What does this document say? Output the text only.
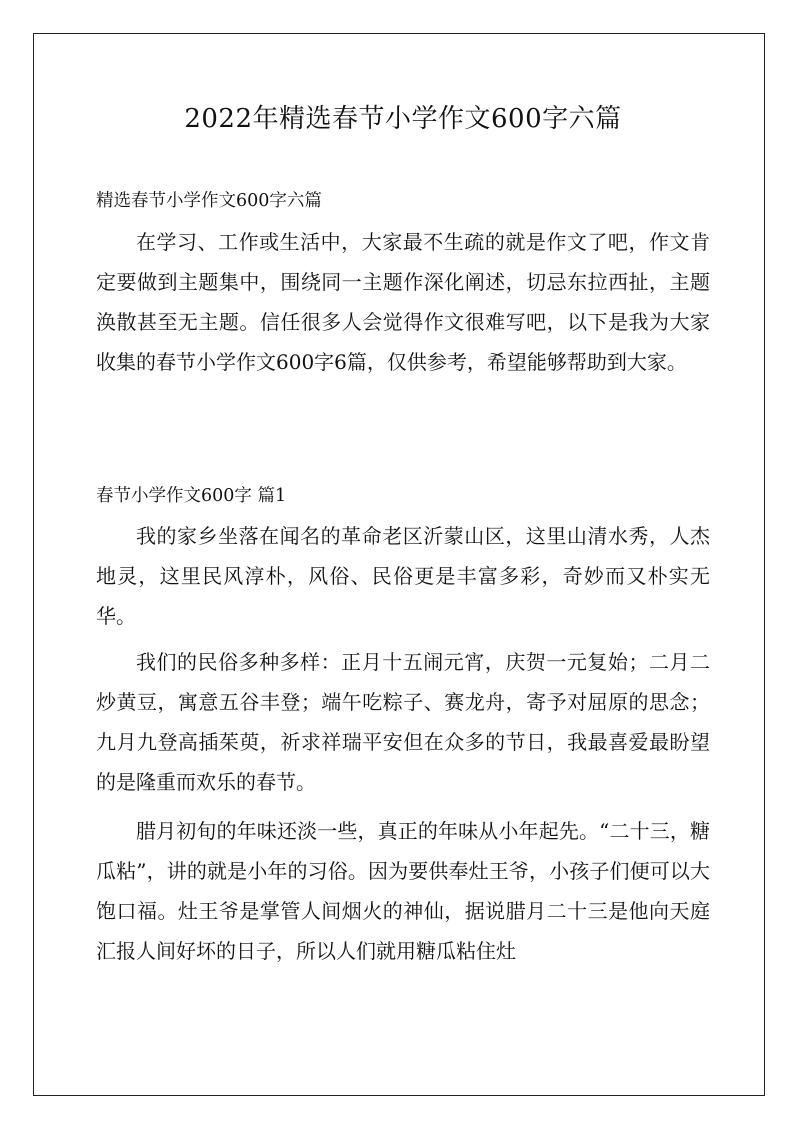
2022年精选春节小学作文600字六篇

精选春节小学作文600字六篇

在学习、工作或生活中，大家最不生疏的就是作文了吧，作文肯定要做到主题集中，围绕同一主题作深化阐述，切忌东拉西扯，主题涣散甚至无主题。信任很多人会觉得作文很难写吧，以下是我为大家收集的春节小学作文600字6篇，仅供参考，希望能够帮助到大家。

春节小学作文600字 篇1

我的家乡坐落在闻名的革命老区沂蒙山区，这里山清水秀，人杰地灵，这里民风淳朴，风俗、民俗更是丰富多彩，奇妙而又朴实无华。

我们的民俗多种多样：正月十五闹元宵，庆贺一元复始；二月二炒黄豆，寓意五谷丰登；端午吃粽子、赛龙舟，寄予对屈原的思念；九月九登高插茱萸，祈求祥瑞平安但在众多的节日，我最喜爱最盼望的是隆重而欢乐的春节。

腊月初旬的年味还淡一些，真正的年味从小年起先。“二十三，糖瓜粘”，讲的就是小年的习俗。因为要供奉灶王爷，小孩子们便可以大饱口福。灶王爷是掌管人间烟火的神仙，据说腊月二十三是他向天庭汇报人间好坏的日子，所以人们就用糖瓜粘住灶
